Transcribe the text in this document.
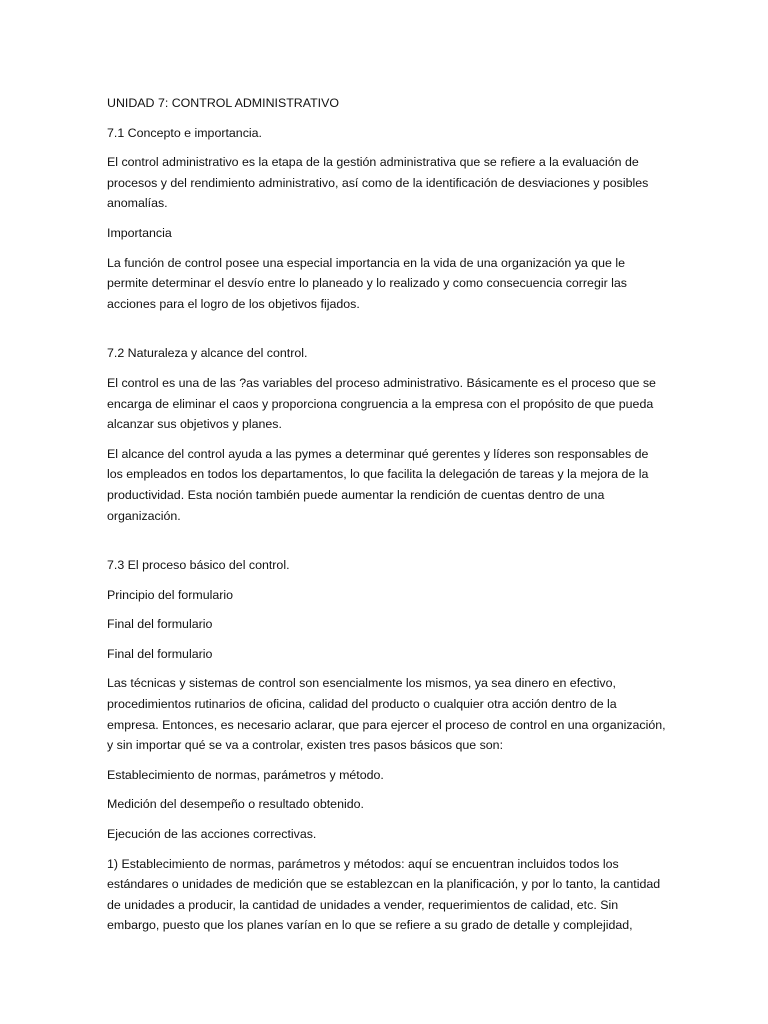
UNIDAD 7: CONTROL ADMINISTRATIVO

7.1 Concepto e importancia.

El control administrativo es la etapa de la gestión administrativa que se refiere a la evaluación de procesos y del rendimiento administrativo, así como de la identificación de desviaciones y posibles anomalías.

Importancia

La función de control posee una especial importancia en la vida de una organización ya que le permite determinar el desvío entre lo planeado y lo realizado y como consecuencia corregir las acciones para el logro de los objetivos fijados.

7.2 Naturaleza y alcance del control.

El control es una de las ?as variables del proceso administrativo. Básicamente es el proceso que se encarga de eliminar el caos y proporciona congruencia a la empresa con el propósito de que pueda alcanzar sus objetivos y planes.

El alcance del control ayuda a las pymes a determinar qué gerentes y líderes son responsables de los empleados en todos los departamentos, lo que facilita la delegación de tareas y la mejora de la productividad. Esta noción también puede aumentar la rendición de cuentas dentro de una organización.

7.3 El proceso básico del control.

Principio del formulario

Final del formulario

Final del formulario

Las técnicas y sistemas de control son esencialmente los mismos, ya sea dinero en efectivo, procedimientos rutinarios de oficina, calidad del producto o cualquier otra acción dentro de la empresa. Entonces, es necesario aclarar, que para ejercer el proceso de control en una organización, y sin importar qué se va a controlar, existen tres pasos básicos que son:

Establecimiento de normas, parámetros y método.

Medición del desempeño o resultado obtenido.

Ejecución de las acciones correctivas.

1) Establecimiento de normas, parámetros y métodos: aquí se encuentran incluidos todos los estándares o unidades de medición que se establezcan en la planificación, y por lo tanto, la cantidad de unidades a producir, la cantidad de unidades a vender, requerimientos de calidad, etc. Sin embargo, puesto que los planes varían en lo que se refiere a su grado de detalle y complejidad,
